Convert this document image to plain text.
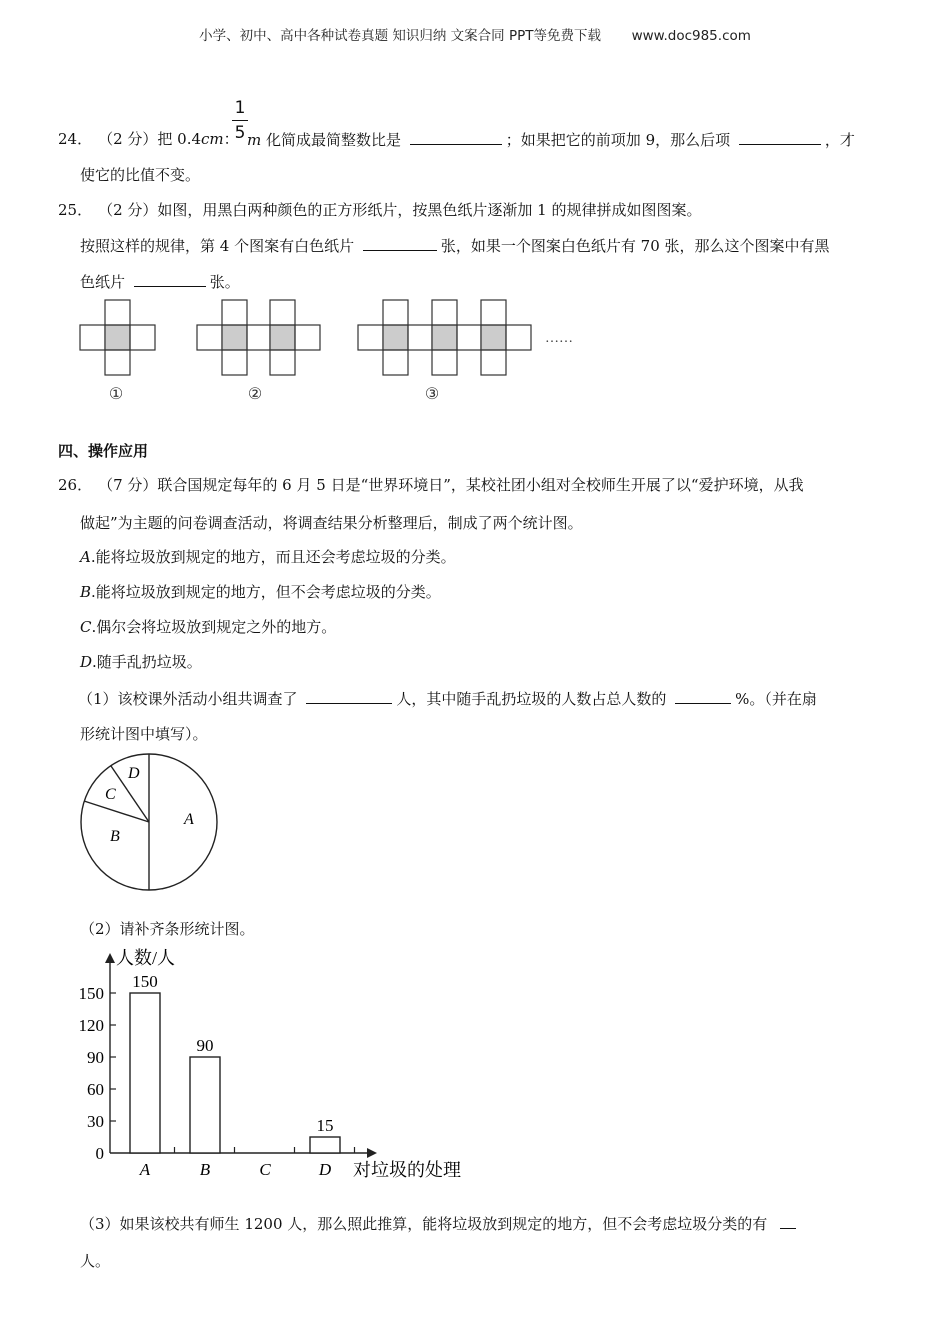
小学、初中、高中各种试卷真题 知识归纳 文案合同 PPT等免费下载 www.doc985.com
24． （2 分）把 0.4cm：
1
5 m 化简成最简整数比是	；如果把它的前项加 9，那么后项	，才
使它的比值不变。
25． （2 分）如图，用黑白两种颜色的正方形纸片，按黑色纸片逐渐加 1 的规律拼成如图图案。
按照这样的规律，第 4 个图案有白色纸片	张，如果一个图案白色纸片有 70 张，那么这个图案中有黑
色纸片	张。
……
①	②	③
四、操作应用
26． （7 分）联合国规定每年的 6 月 5 日是“世界环境日”，某校社团小组对全校师生开展了以“爱护环境，从我
做起”为主题的问卷调查活动，将调查结果分析整理后，制成了两个统计图。
A.能将垃圾放到规定的地方，而且还会考虑垃圾的分类。
B.能将垃圾放到规定的地方，但不会考虑垃圾的分类。
C.偶尔会将垃圾放到规定之外的地方。
D.随手乱扔垃圾。
（1）该校课外活动小组共调查了	人，其中随手乱扔垃圾的人数占总人数的	%。（并在扇
形统计图中填写）。
A
B
C
D
（2）请补齐条形统计图。
人数/人
对垃圾的处理
0
30
60
90
120
150
150
A
90
B	C
15
D
（3）如果该校共有师生 1200 人，那么照此推算，能将垃圾放到规定的地方，但不会考虑垃圾分类的有
人。
